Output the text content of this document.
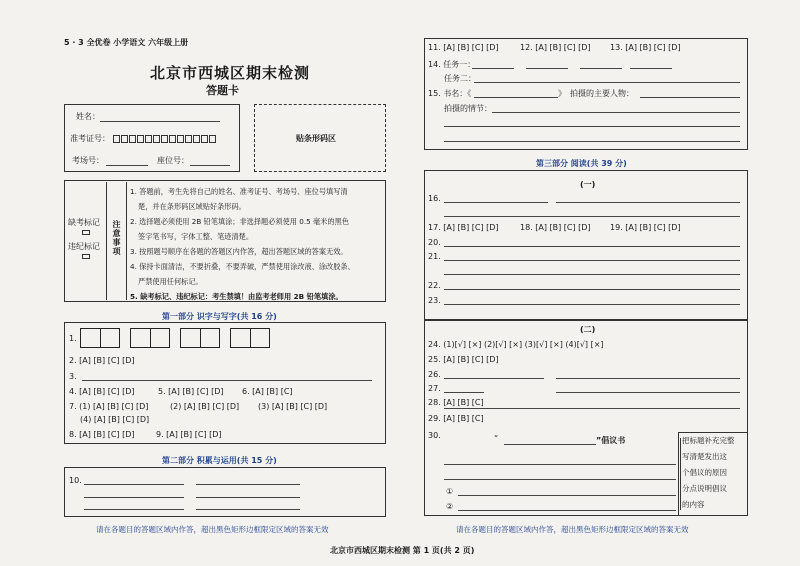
5 · 3 全优卷 小学语文 六年级上册
北京市西城区期末检测
答题卡
姓名：
准考证号：
考场号：	座位号：
贴条形码区
缺考标记
违纪标记 注意事项
1. 答题前，考生先将自己的姓名、准考证号、考场号、座位号填写清
楚，并在条形码区域贴好条形码。
2. 选择题必须使用 2B 铅笔填涂；非选择题必须使用 0.5 毫米的黑色
签字笔书写，字体工整、笔迹清楚。
3. 按照题号顺序在各题的答题区内作答，超出答题区域的答案无效。
4. 保持卡面清洁，不要折叠，不要弄破，严禁使用涂改液、涂改胶条、
严禁使用任何标记。
5. 缺考标记、违纪标记：考生禁填！由监考老师用 2B 铅笔填涂。
第一部分 识字与写字(共 16 分)
1.
2. [A] [B] [C] [D]
3.
4. [A] [B] [C] [D]	5. [A] [B] [C] [D] 6. [A] [B] [C]
7. (1) [A] [B] [C] [D]	(2) [A] [B] [C] [D] (3) [A] [B] [C] [D]
(4) [A] [B] [C] [D]
8. [A] [B] [C] [D]	9. [A] [B] [C] [D]
第二部分 积累与运用(共 15 分)
10.
请在各题目的答题区域内作答，超出黑色矩形边框限定区域的答案无效
11. [A] [B] [C] [D]	12. [A] [B] [C] [D] 13. [A] [B] [C] [D]
14. 任务一：
任务二：
15. 书名：《	》 拍摄的主要人物：
拍摄的情节：
第三部分 阅读(共 39 分)
(一)
16.
17. [A] [B] [C] [D]	18. [A] [B] [C] [D] 19. [A] [B] [C] [D]
20.
21.
22.
23.
(二)
24. (1)[√] [×] (2)[√] [×] (3)[√] [×] (4)[√] [×]
25. [A] [B] [C] [D]
26.
27.
28. [A] [B] [C]
29. [A] [B] [C]
30.	“	”倡议书	把标题补充完整
写清楚发出这
个倡议的原因
分点说明倡议
的内容
①
②
请在各题目的答题区域内作答，超出黑色矩形边框限定区域的答案无效
北京市西城区期末检测 第 1 页(共 2 页)
